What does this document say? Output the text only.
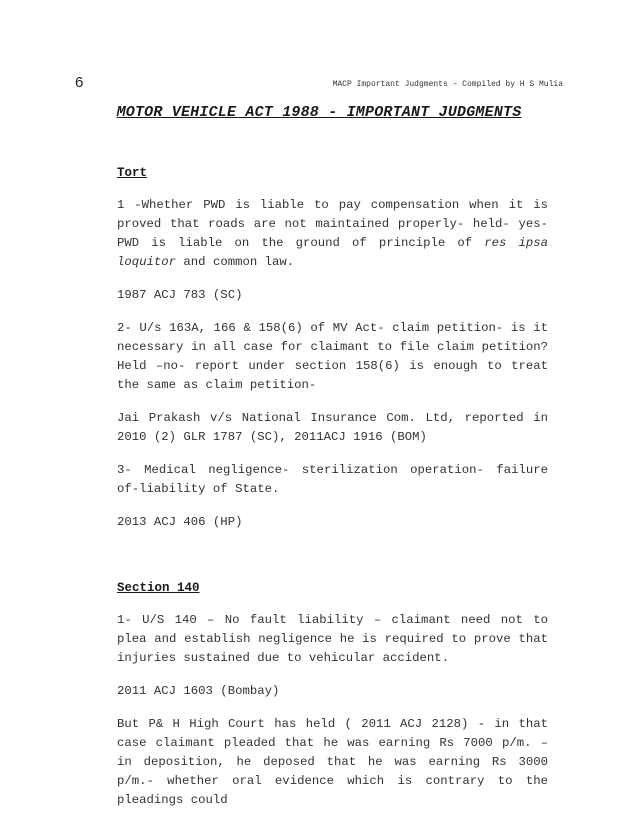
6	MACP Important Judgments – Compiled by H S Mulia
MOTOR VEHICLE ACT 1988 - IMPORTANT JUDGMENTS
Tort

1 -Whether PWD is liable to pay compensation when it is proved that roads are not maintained properly- held- yes- PWD is liable on the ground of principle of res ipsa loquitor and common law.

1987 ACJ 783 (SC)

2- U/s 163A, 166 & 158(6) of MV Act- claim petition- is it necessary in all case for claimant to file claim petition? Held –no- report under section 158(6) is enough to treat the same as claim petition-

Jai Prakash v/s National Insurance Com. Ltd, reported in 2010 (2) GLR 1787 (SC), 2011ACJ 1916 (BOM)

3- Medical negligence- sterilization operation- failure of-liability of State.

2013 ACJ 406 (HP)

Section 140

1- U/S 140 – No fault liability – claimant need not to plea and establish negligence he is required to prove that injuries sustained due to vehicular accident.

2011 ACJ 1603 (Bombay)

But P& H High Court has held ( 2011 ACJ 2128) - in that case claimant pleaded that he was earning Rs 7000 p/m. – in deposition, he deposed that he was earning Rs 3000 p/m.- whether oral evidence which is contrary to the pleadings could
